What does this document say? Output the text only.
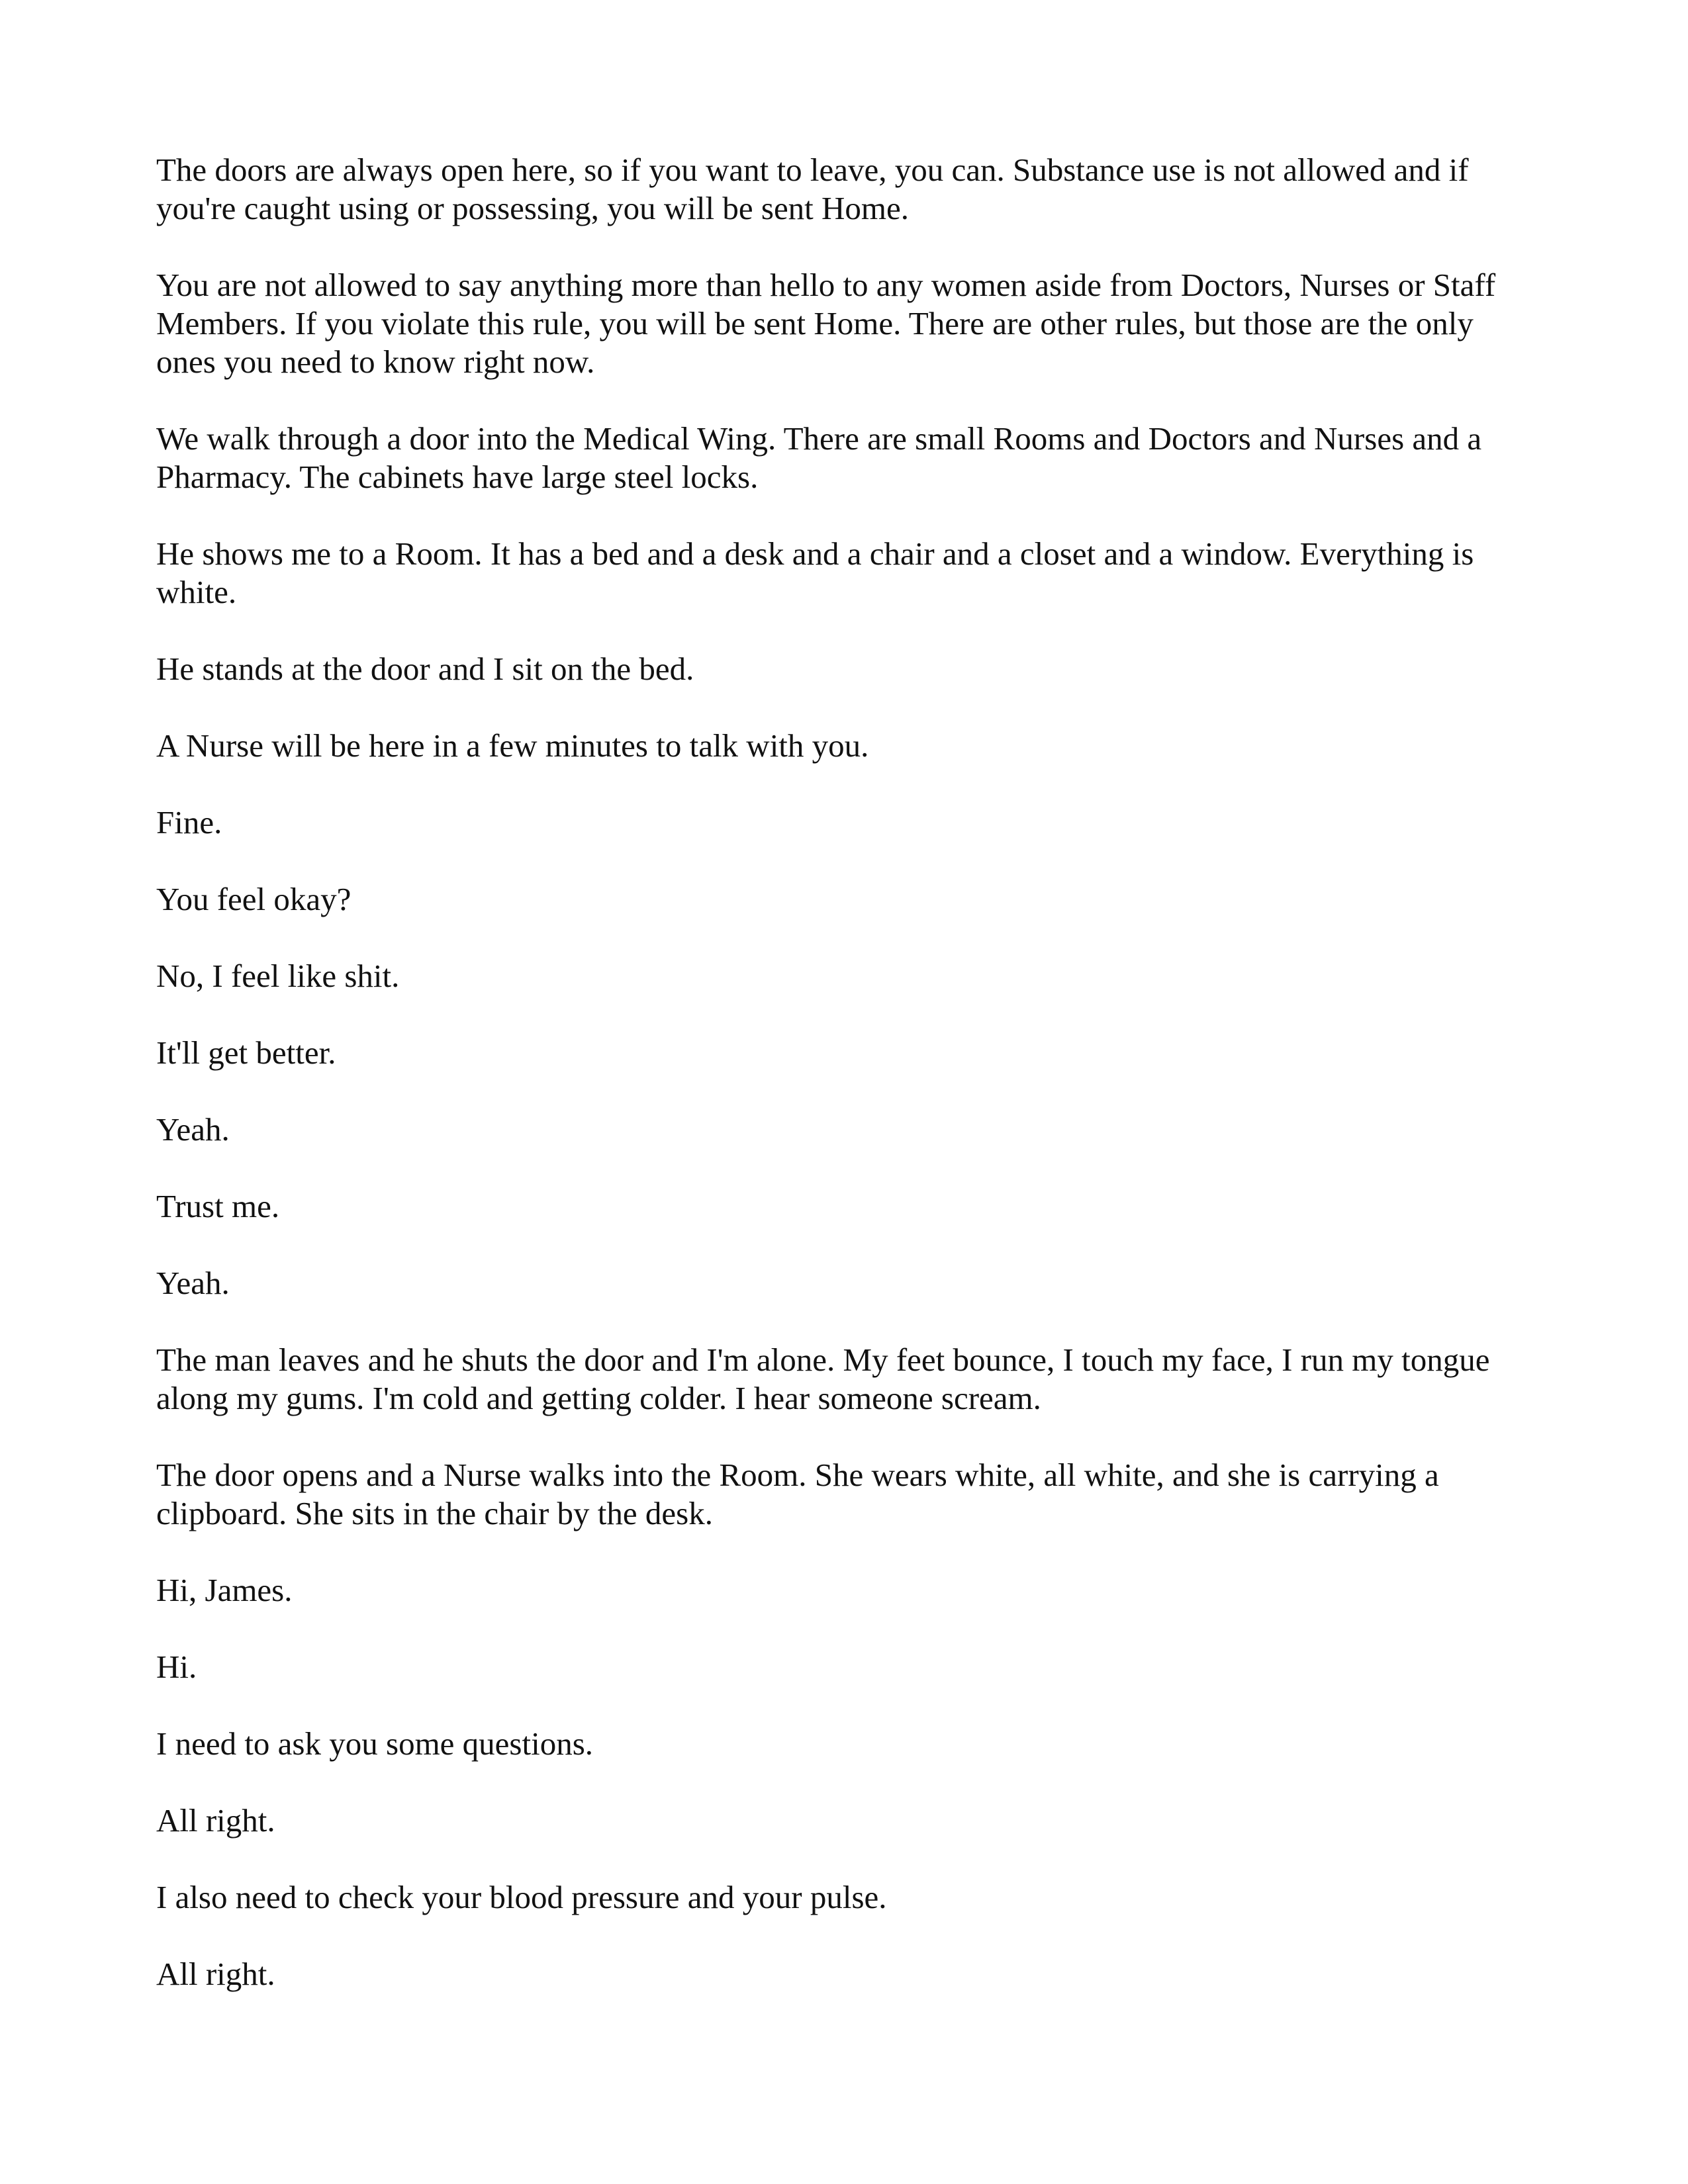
The doors are always open here, so if you want to leave, you can. Substance use is not allowed and if
you're caught using or possessing, you will be sent Home.

You are not allowed to say anything more than hello to any women aside from Doctors, Nurses or Staff
Members. If you violate this rule, you will be sent Home. There are other rules, but those are the only
ones you need to know right now.

We walk through a door into the Medical Wing. There are small Rooms and Doctors and Nurses and a
Pharmacy. The cabinets have large steel locks.

He shows me to a Room. It has a bed and a desk and a chair and a closet and a window. Everything is
white.

He stands at the door and I sit on the bed.

A Nurse will be here in a few minutes to talk with you.

Fine.

You feel okay?

No, I feel like shit.

It'll get better.

Yeah.

Trust me.

Yeah.

The man leaves and he shuts the door and I'm alone. My feet bounce, I touch my face, I run my tongue
along my gums. I'm cold and getting colder. I hear someone scream.

The door opens and a Nurse walks into the Room. She wears white, all white, and she is carrying a
clipboard. She sits in the chair by the desk.

Hi, James.

Hi.

I need to ask you some questions.

All right.

I also need to check your blood pressure and your pulse.

All right.
